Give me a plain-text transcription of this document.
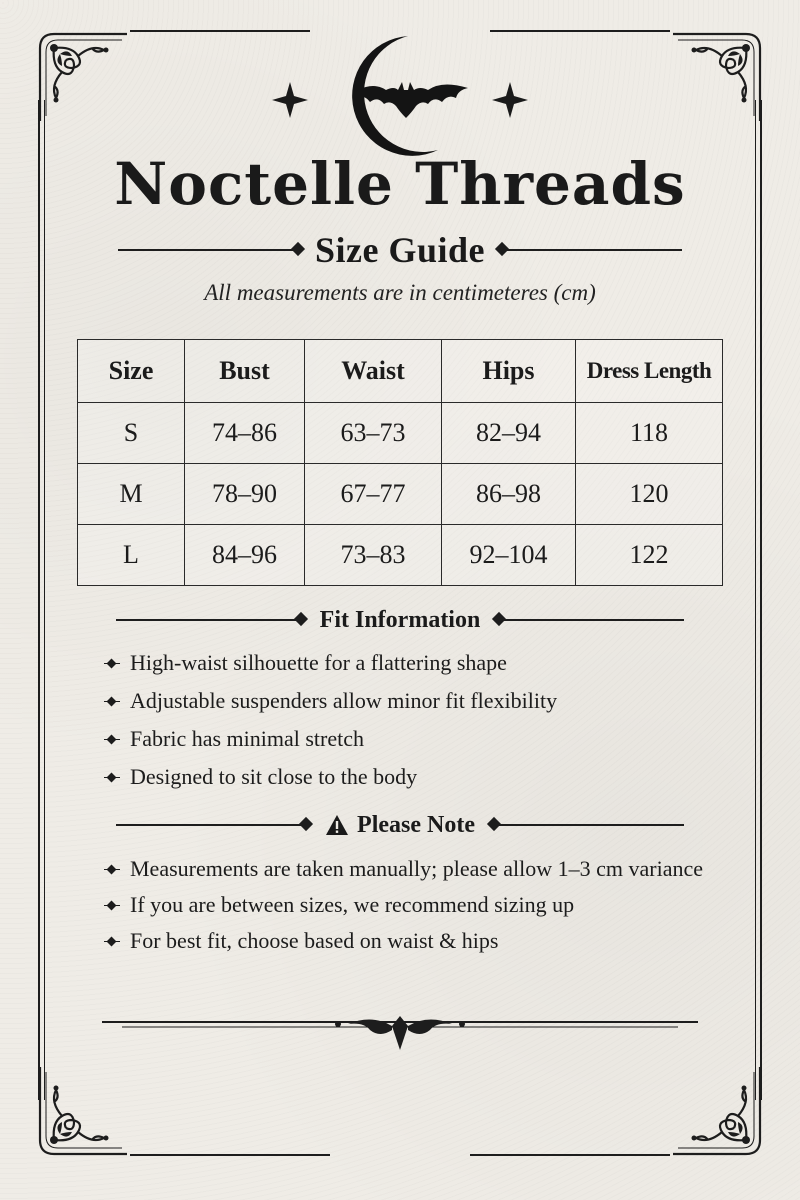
Noctelle Threads
Size Guide
All measurements are in centimeteres (cm)
Size	Bust	Waist	Hips	Dress Length
S	74–86	63–73	82–94	118
M	78–90	67–77	86–98	120
L	84–96	73–83	92–104	122
Fit Information
High-waist silhouette for a flattering shape
Adjustable suspenders allow minor fit flexibility
Fabric has minimal stretch
Designed to sit close to the body
Please Note
Measurements are taken manually; please allow 1–3 cm variance
If you are between sizes, we recommend sizing up
For best fit, choose based on waist & hips
